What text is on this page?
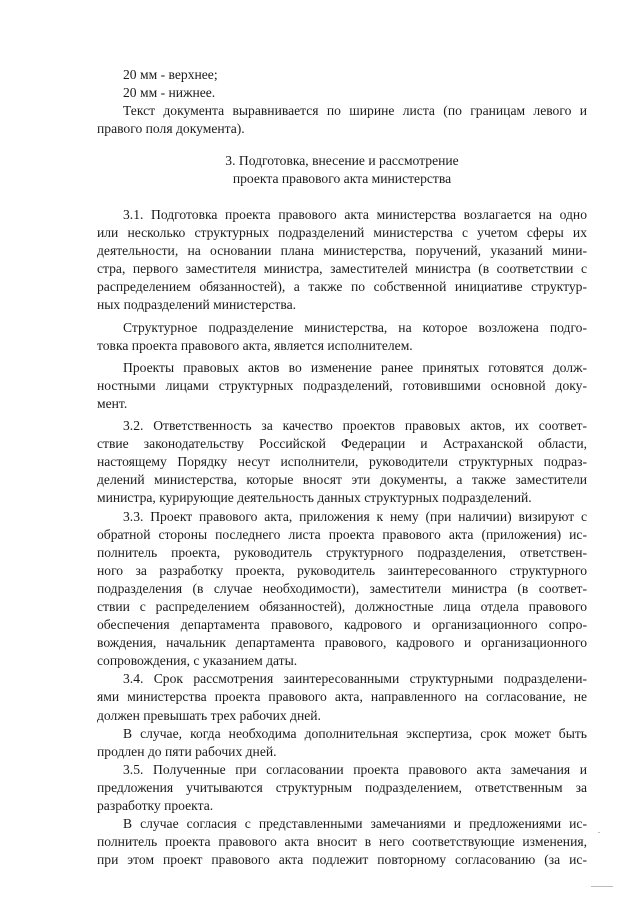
20 мм - верхнее;
20 мм - нижнее.
Текст документа выравнивается по ширине листа (по границам левого и
правого поля документа).
3. Подготовка, внесение и рассмотрение
проекта правового акта министерства
3.1. Подготовка проекта правового акта министерства возлагается на одно
или несколько структурных подразделений министерства с учетом сферы их
деятельности, на основании плана министерства, поручений, указаний мини-
стра, первого заместителя министра, заместителей министра (в соответствии с
распределением обязанностей), а также по собственной инициативе структур-
ных подразделений министерства.
Структурное подразделение министерства, на которое возложена подго-
товка проекта правового акта, является исполнителем.
Проекты правовых актов во изменение ранее принятых готовятся долж-
ностными лицами структурных подразделений, готовившими основной доку-
мент.
3.2. Ответственность за качество проектов правовых актов, их соответ-
ствие законодательству Российской Федерации и Астраханской области,
настоящему Порядку несут исполнители, руководители структурных подраз-
делений министерства, которые вносят эти документы, а также заместители
министра, курирующие деятельность данных структурных подразделений.
3.3. Проект правового акта, приложения к нему (при наличии) визируют с
обратной стороны последнего листа проекта правового акта (приложения) ис-
полнитель проекта, руководитель структурного подразделения, ответствен-
ного за разработку проекта, руководитель заинтересованного структурного
подразделения (в случае необходимости), заместители министра (в соответ-
ствии с распределением обязанностей), должностные лица отдела правового
обеспечения департамента правового, кадрового и организационного сопро-
вождения, начальник департамента правового, кадрового и организационного
сопровождения, с указанием даты.
3.4. Срок рассмотрения заинтересованными структурными подразделени-
ями министерства проекта правового акта, направленного на согласование, не
должен превышать трех рабочих дней.
В случае, когда необходима дополнительная экспертиза, срок может быть
продлен до пяти рабочих дней.
3.5. Полученные при согласовании проекта правового акта замечания и
предложения учитываются структурным подразделением, ответственным за
разработку проекта.
В случае согласия с представленными замечаниями и предложениями ис-
полнитель проекта правового акта вносит в него соответствующие изменения,
при этом проект правового акта подлежит повторному согласованию (за ис-
